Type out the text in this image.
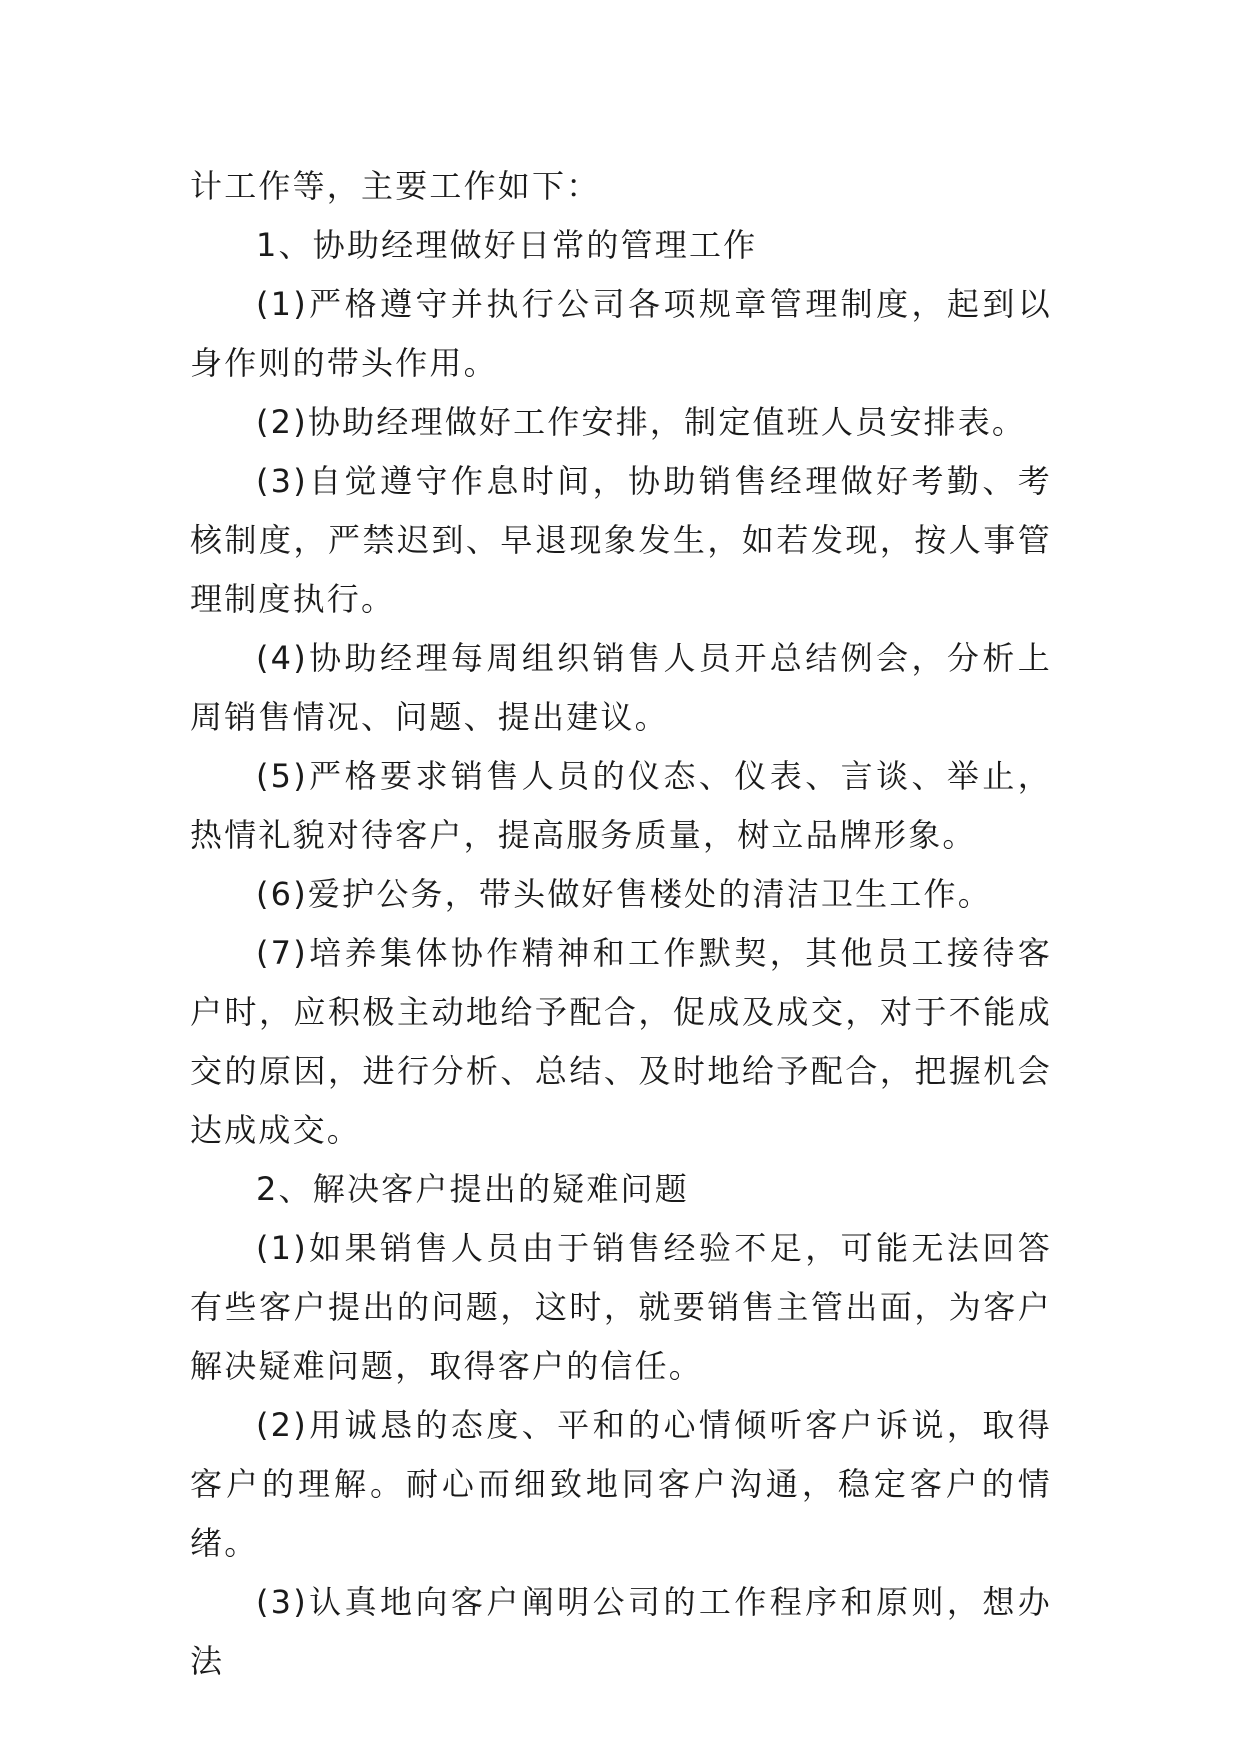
计工作等，主要工作如下：

1、协助经理做好日常的管理工作

(1)严格遵守并执行公司各项规章管理制度，起到以身作则的带头作用。

(2)协助经理做好工作安排，制定值班人员安排表。

(3)自觉遵守作息时间，协助销售经理做好考勤、考核制度，严禁迟到、早退现象发生，如若发现，按人事管理制度执行。

(4)协助经理每周组织销售人员开总结例会，分析上周销售情况、问题、提出建议。

(5)严格要求销售人员的仪态、仪表、言谈、举止，热情礼貌对待客户，提高服务质量，树立品牌形象。

(6)爱护公务，带头做好售楼处的清洁卫生工作。

(7)培养集体协作精神和工作默契，其他员工接待客户时，应积极主动地给予配合，促成及成交，对于不能成交的原因，进行分析、总结、及时地给予配合，把握机会达成成交。

2、解决客户提出的疑难问题

(1)如果销售人员由于销售经验不足，可能无法回答有些客户提出的问题，这时，就要销售主管出面，为客户解决疑难问题，取得客户的信任。

(2)用诚恳的态度、平和的心情倾听客户诉说，取得客户的理解。耐心而细致地同客户沟通，稳定客户的情绪。

(3)认真地向客户阐明公司的工作程序和原则，想办法
